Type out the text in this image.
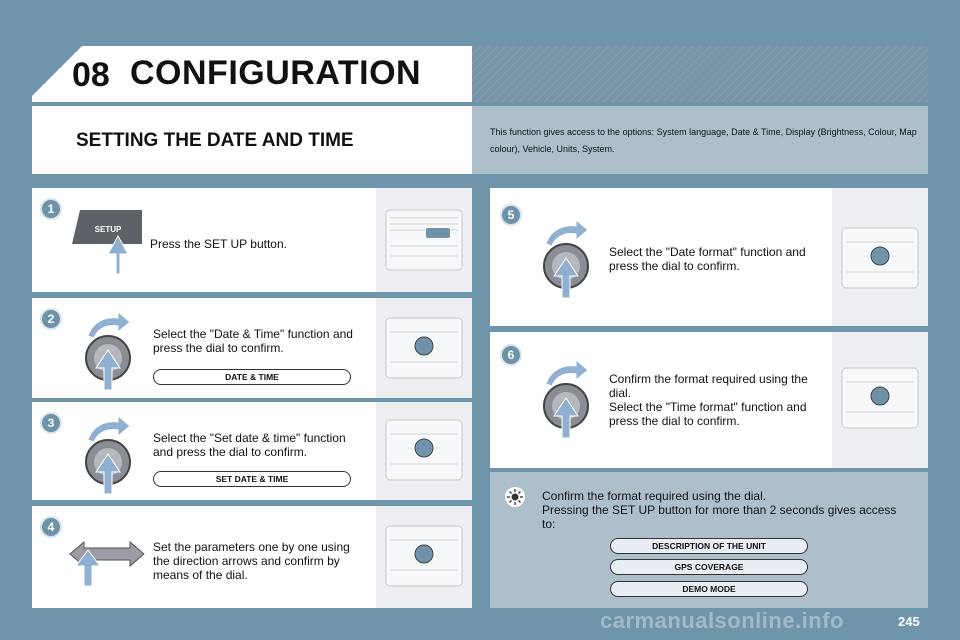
08 CONFIGURATION
SETTING THE DATE AND TIME	This function gives access to the options: System language, Date & Time, Display (Brightness, Colour, Map colour), Vehicle, Units, System.
1
SETUP
Press the SET UP button.
2
Select the "Date & Time" function and press the dial to confirm.
DATE & TIME
3
Select the "Set date & time" function and press the dial to confirm.
SET DATE & TIME
4
Set the parameters one by one using the direction arrows and confirm by means of the dial.
5
Select the "Date format" function and press the dial to confirm.
6
Confirm the format required using the dial.
Select the "Time format" function and press the dial to confirm.
Confirm the format required using the dial.
Pressing the SET UP button for more than 2 seconds gives access to:
DESCRIPTION OF THE UNIT
GPS COVERAGE
DEMO MODE
carmanualsonline.info	245
